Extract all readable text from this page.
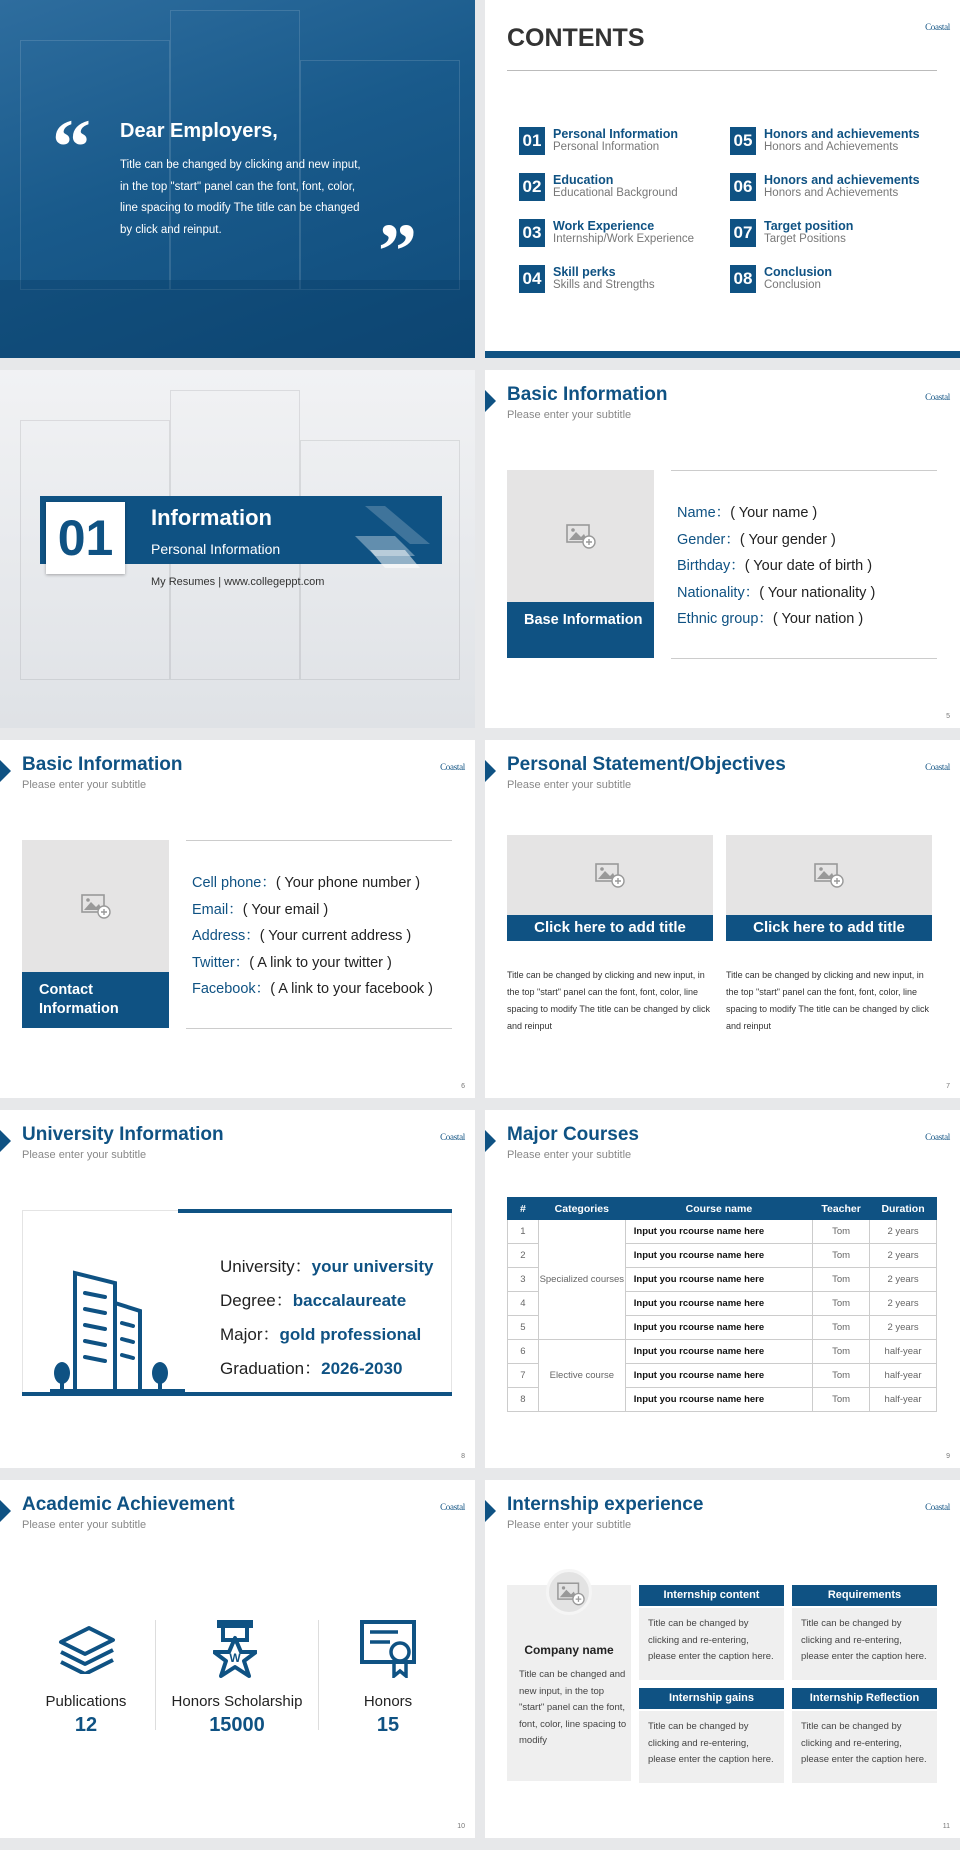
“ Dear Employers,
Title can be changed by clicking and new input, in the top "start" panel can the font, font, color, line spacing to modify The title can be changed by click and reinput.	”
CONTENTS	Coastal
01 Personal Information
Personal Information
02 Education
Educational Background
03 Work Experience
Internship/Work Experience
04 Skill perks
Skills and Strengths
05 Honors and achievements
Honors and Achievements
06 Honors and achievements
Honors and Achievements
07 Target position
Target Positions
08 Conclusion
Conclusion
01	Information
Personal Information
My Resumes | www.collegeppt.com
Basic Information
Please enter your subtitle
Coastal
Base Information
Name：( Your name )
Gender：( Your gender )
Birthday：( Your date of birth )
Nationality：( Your nationality )
Ethnic group：( Your nation )
5
Basic Information
Please enter your subtitle
Coastal
Contact Information
Cell phone：( Your phone number )
Email：( Your email )
Address：( Your current address )
Twitter：( A link to your twitter )
Facebook：( A link to your facebook )
6
Personal Statement/Objectives
Please enter your subtitle
Coastal
Click here to add title
Title can be changed by clicking and new input, in the top "start" panel can the font, font, color, line spacing to modify The title can be changed by click and reinput
Click here to add title
Title can be changed by clicking and new input, in the top "start" panel can the font, font, color, line spacing to modify The title can be changed by click and reinput
7
University Information
Please enter your subtitle
Coastal
University：your university
Degree：baccalaureate
Major：gold professional
Graduation：2026-2030
8
Major Courses
Please enter your subtitle
Coastal
#	Categories	Course name	Teacher	Duration
1	Specialized courses	Input you rcourse name here	Tom	2 years
2		Input you rcourse name here	Tom	2 years
3		Input you rcourse name here	Tom	2 years
4		Input you rcourse name here	Tom	2 years
5		Input you rcourse name here	Tom	2 years
6	Elective course	Input you rcourse name here	Tom	half-year
7		Input you rcourse name here	Tom	half-year
8		Input you rcourse name here	Tom	half-year
9
Academic Achievement
Please enter your subtitle
Coastal
W
Publications
12
Honors Scholarship
15000
Honors
15
10
Internship experience
Please enter your subtitle
Coastal
Company name
Title can be changed and new input, in the top "start" panel can the font, font, color, line spacing to modify
Internship content
Title can be changed by clicking and re-entering, please enter the caption here.
Requirements
Title can be changed by clicking and re-entering, please enter the caption here.
Internship gains
Title can be changed by clicking and re-entering, please enter the caption here.
Internship Reflection
Title can be changed by clicking and re-entering, please enter the caption here.
11
